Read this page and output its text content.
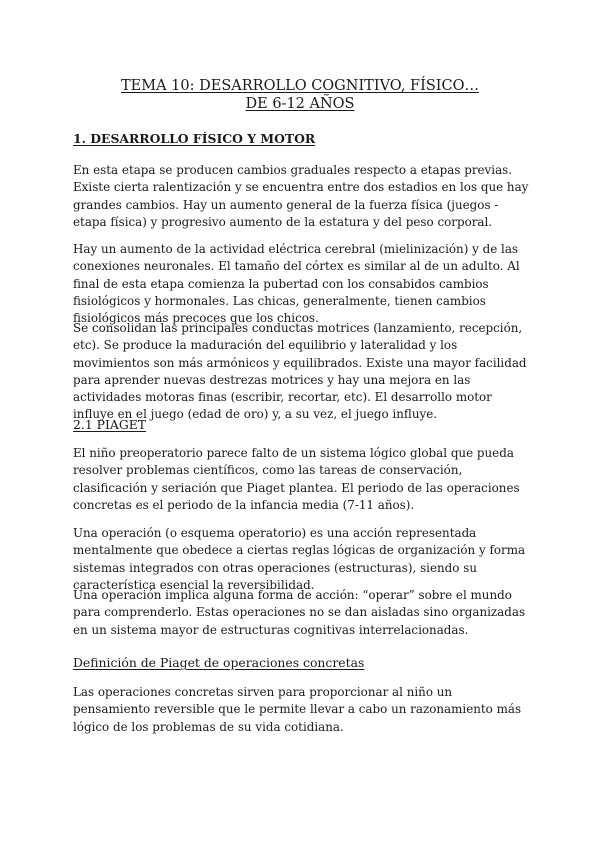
TEMA 10: DESARROLLO COGNITIVO, FÍSICO…
DE 6-12 AÑOS
1. DESARROLLO FÍSICO Y MOTOR

En esta etapa se producen cambios graduales respecto a etapas previas. Existe cierta ralentización y se encuentra entre dos estadios en los que hay grandes cambios. Hay un aumento general de la fuerza física (juegos - etapa física) y progresivo aumento de la estatura y del peso corporal.

Hay un aumento de la actividad eléctrica cerebral (mielinización) y de las conexiones neuronales. El tamaño del córtex es similar al de un adulto. Al final de esta etapa comienza la pubertad con los consabidos cambios fisiológicos y hormonales. Las chicas, generalmente, tienen cambios fisiológicos más precoces que los chicos.

Se consolidan las principales conductas motrices (lanzamiento, recepción, etc). Se produce la maduración del equilibrio y lateralidad y los movimientos son más armónicos y equilibrados. Existe una mayor facilidad para aprender nuevas destrezas motrices y hay una mejora en las actividades motoras finas (escribir, recortar, etc). El desarrollo motor influye en el juego (edad de oro) y, a su vez, el juego influye.

2.1 PIAGET

El niño preoperatorio parece falto de un sistema lógico global que pueda resolver problemas científicos, como las tareas de conservación, clasificación y seriación que Piaget plantea. El periodo de las operaciones concretas es el periodo de la infancia media (7-11 años).

Una operación (o esquema operatorio) es una acción representada mentalmente que obedece a ciertas reglas lógicas de organización y forma sistemas integrados con otras operaciones (estructuras), siendo su característica esencial la reversibilidad.

Una operación implica alguna forma de acción: “operar” sobre el mundo para comprenderlo. Estas operaciones no se dan aisladas sino organizadas en un sistema mayor de estructuras cognitivas interrelacionadas.

Definición de Piaget de operaciones concretas

Las operaciones concretas sirven para proporcionar al niño un pensamiento reversible que le permite llevar a cabo un razonamiento más lógico de los problemas de su vida cotidiana.
